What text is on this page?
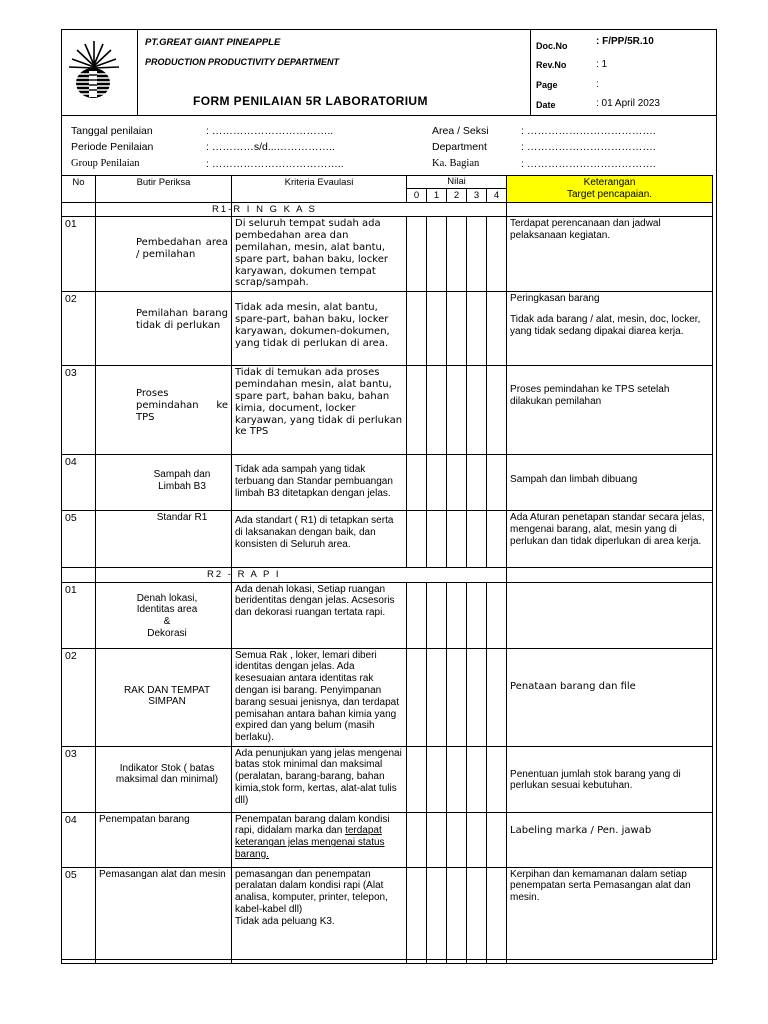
PT.GREAT GIANT PINEAPPLE
PRODUCTION PRODUCTIVITY DEPARTMENT
FORM PENILAIAN 5R LABORATORIUM
Doc.No	: F/PP/5R.10
Rev.No	: 1
Page	:
Date	: 01 April 2023
Tanggal penilaian	: ……………………………..
Periode Penilaian	: …………s/d...……………..
Group Penilaian	: ………………………………..
Area / Seksi	: ……………………………….
Department	: ……………………………….
Ka. Bagian	: ……………………………….
No	Butir Periksa	Kriteria Evaulasi	Nilai					Keterangan
Target pencapaian.

			0	1	2	3	4	
		R1-R I N G K A S						
01	Pembedahan area / pemilahan	Di seluruh tempat sudah ada pembedahan area dan pemilahan, mesin, alat bantu, spare part, bahan baku, locker karyawan, dokumen tempat scrap/sampah.						Terdapat perencanaan dan jadwal pelaksanaan kegiatan.
02	Pemilahan barang tidak di perlukan	Tidak ada mesin, alat bantu, spare-part, bahan baku, locker karyawan, dokumen-dokumen, yang tidak di perlukan di area.						Peringkasan barang
Tidak ada barang / alat, mesin, doc, locker, yang tidak sedang dipakai diarea kerja.

03	Proses pemindahan ke TPS	Tidak di temukan ada proses pemindahan mesin, alat bantu, spare part, bahan baku, bahan kimia, document, locker karyawan, yang tidak di perlukan ke TPS						Proses pemindahan ke TPS setelah dilakukan pemilahan
04	Sampah dan Limbah B3	Tidak ada sampah yang tidak terbuang dan Standar pembuangan limbah B3 ditetapkan dengan jelas.						Sampah dan limbah dibuang
05	Standar R1	Ada standart ( R1) di tetapkan serta di laksanakan dengan baik, dan konsisten di Seluruh area.						Ada Aturan penetapan standar secara jelas, mengenai barang, alat, mesin yang di perlukan dan tidak diperlukan di area kerja.
		R2 - R A P I						
01	Denah lokasi,
Identitas area
&
Dekorasi	Ada denah lokasi, Setiap ruangan beridentitas dengan jelas. Acsesoris dan dekorasi ruangan tertata rapi.						
02	RAK DAN TEMPAT SIMPAN	Semua Rak , loker, lemari diberi identitas dengan jelas. Ada kesesuaian antara identitas rak dengan isi barang. Penyimpanan barang sesuai jenisnya, dan terdapat pemisahan antara bahan kimia yang expired dan yang belum (masih berlaku).						Penataan barang dan file
03	Indikator Stok ( batas maksimal dan minimal)	Ada penunjukan yang jelas mengenai batas stok minimal dan maksimal (peralatan, barang-barang, bahan kimia,stok form, kertas, alat-alat tulis dll)						Penentuan jumlah stok barang yang di perlukan sesuai kebutuhan.
04	Penempatan barang	Penempatan barang dalam kondisi rapi, didalam marka dan terdapat keterangan jelas mengenai status barang.						Labeling marka / Pen. jawab
05	Pemasangan alat dan mesin	pemasangan dan penempatan peralatan dalam kondisi rapi (Alat analisa, komputer, printer, telepon, kabel-kabel dll)
Tidak ada peluang K3.						Kerpihan dan kemamanan dalam setiap penempatan serta Pemasangan alat dan mesin.
